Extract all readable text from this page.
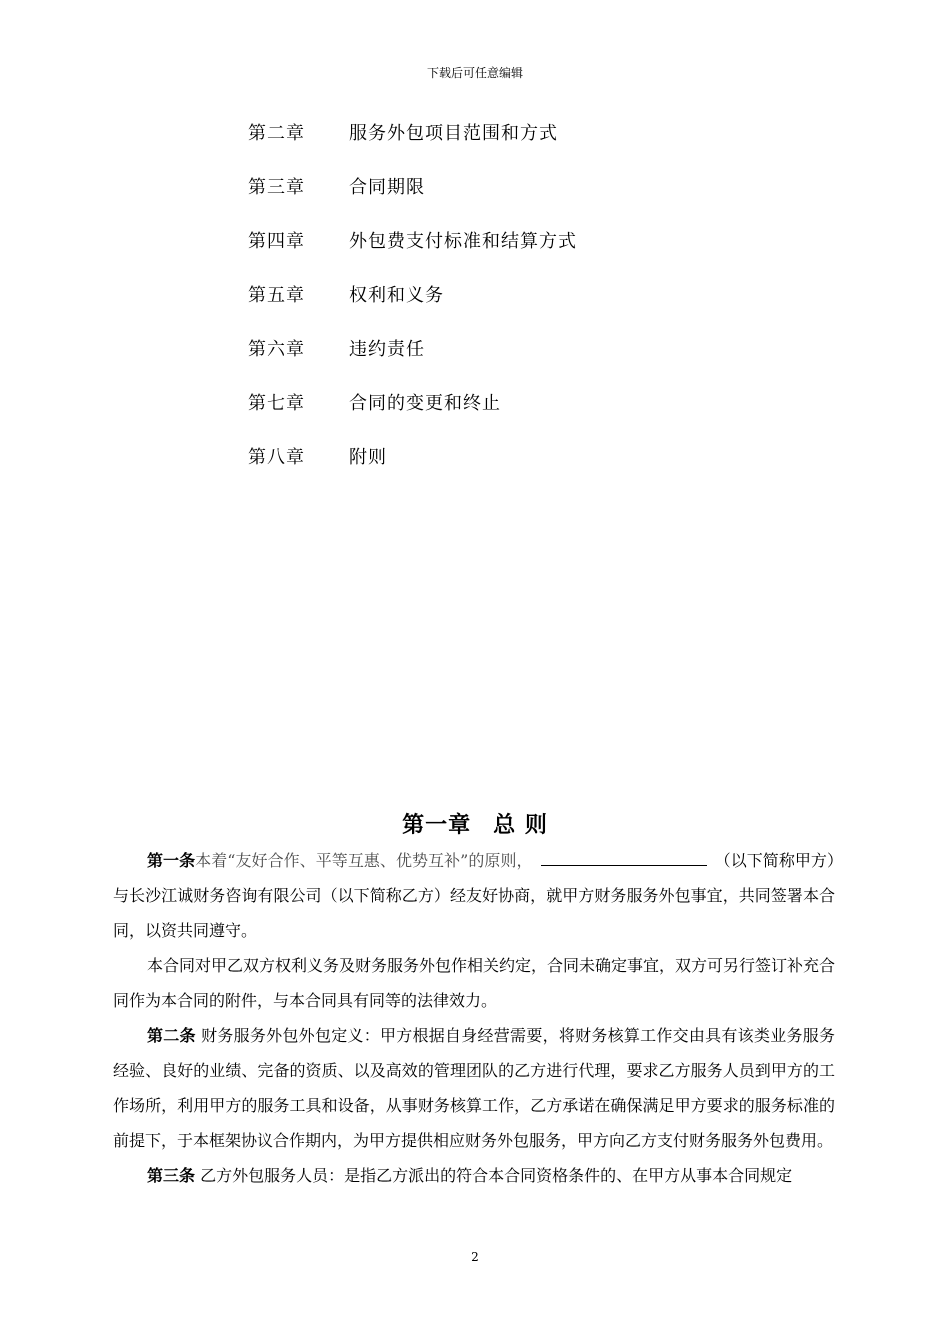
下载后可任意编辑
第二章 服务外包项目范围和方式
第三章 合同期限
第四章 外包费支付标准和结算方式
第五章 权利和义务
第六章 违约责任
第七章 合同的变更和终止
第八章 附则
第一章 总 则

第一条本着“友好合作、平等互惠、优势互补”的原则，	（以下简称甲方）与长沙江诚财务咨询有限公司（以下简称乙方）经友好协商，就甲方财务服务外包事宜，共同签署本合同，以资共同遵守。

本合同对甲乙双方权利义务及财务服务外包作相关约定，合同未确定事宜，双方可另行签订补充合同作为本合同的附件，与本合同具有同等的法律效力。

第二条 财务服务外包外包定义：甲方根据自身经营需要，将财务核算工作交由具有该类业务服务经验、良好的业绩、完备的资质、以及高效的管理团队的乙方进行代理，要求乙方服务人员到甲方的工作场所，利用甲方的服务工具和设备，从事财务核算工作，乙方承诺在确保满足甲方要求的服务标准的前提下，于本框架协议合作期内，为甲方提供相应财务外包服务，甲方向乙方支付财务服务外包费用。

第三条 乙方外包服务人员：是指乙方派出的符合本合同资格条件的、在甲方从事本合同规定

2
